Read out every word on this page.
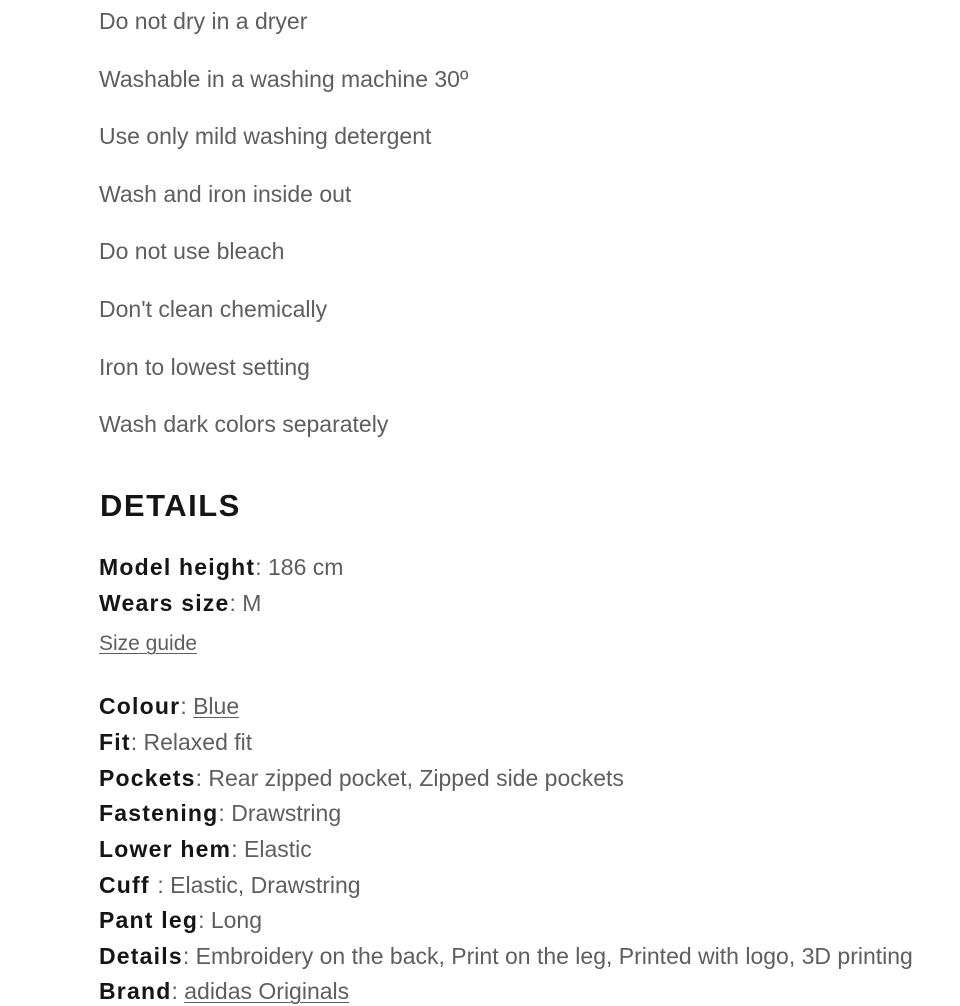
Do not dry in a dryer
Washable in a washing machine 30º
Use only mild washing detergent
Wash and iron inside out
Do not use bleach
Don't clean chemically
Iron to lowest setting
Wash dark colors separately
DETAILS
Model height: 186 cm
Wears size: M
Size guide
Colour: Blue
Fit: Relaxed fit
Pockets: Rear zipped pocket, Zipped side pockets
Fastening: Drawstring
Lower hem: Elastic
Cuff : Elastic, Drawstring
Pant leg: Long
Details: Embroidery on the back, Print on the leg, Printed with logo, 3D printing
Brand: adidas Originals
